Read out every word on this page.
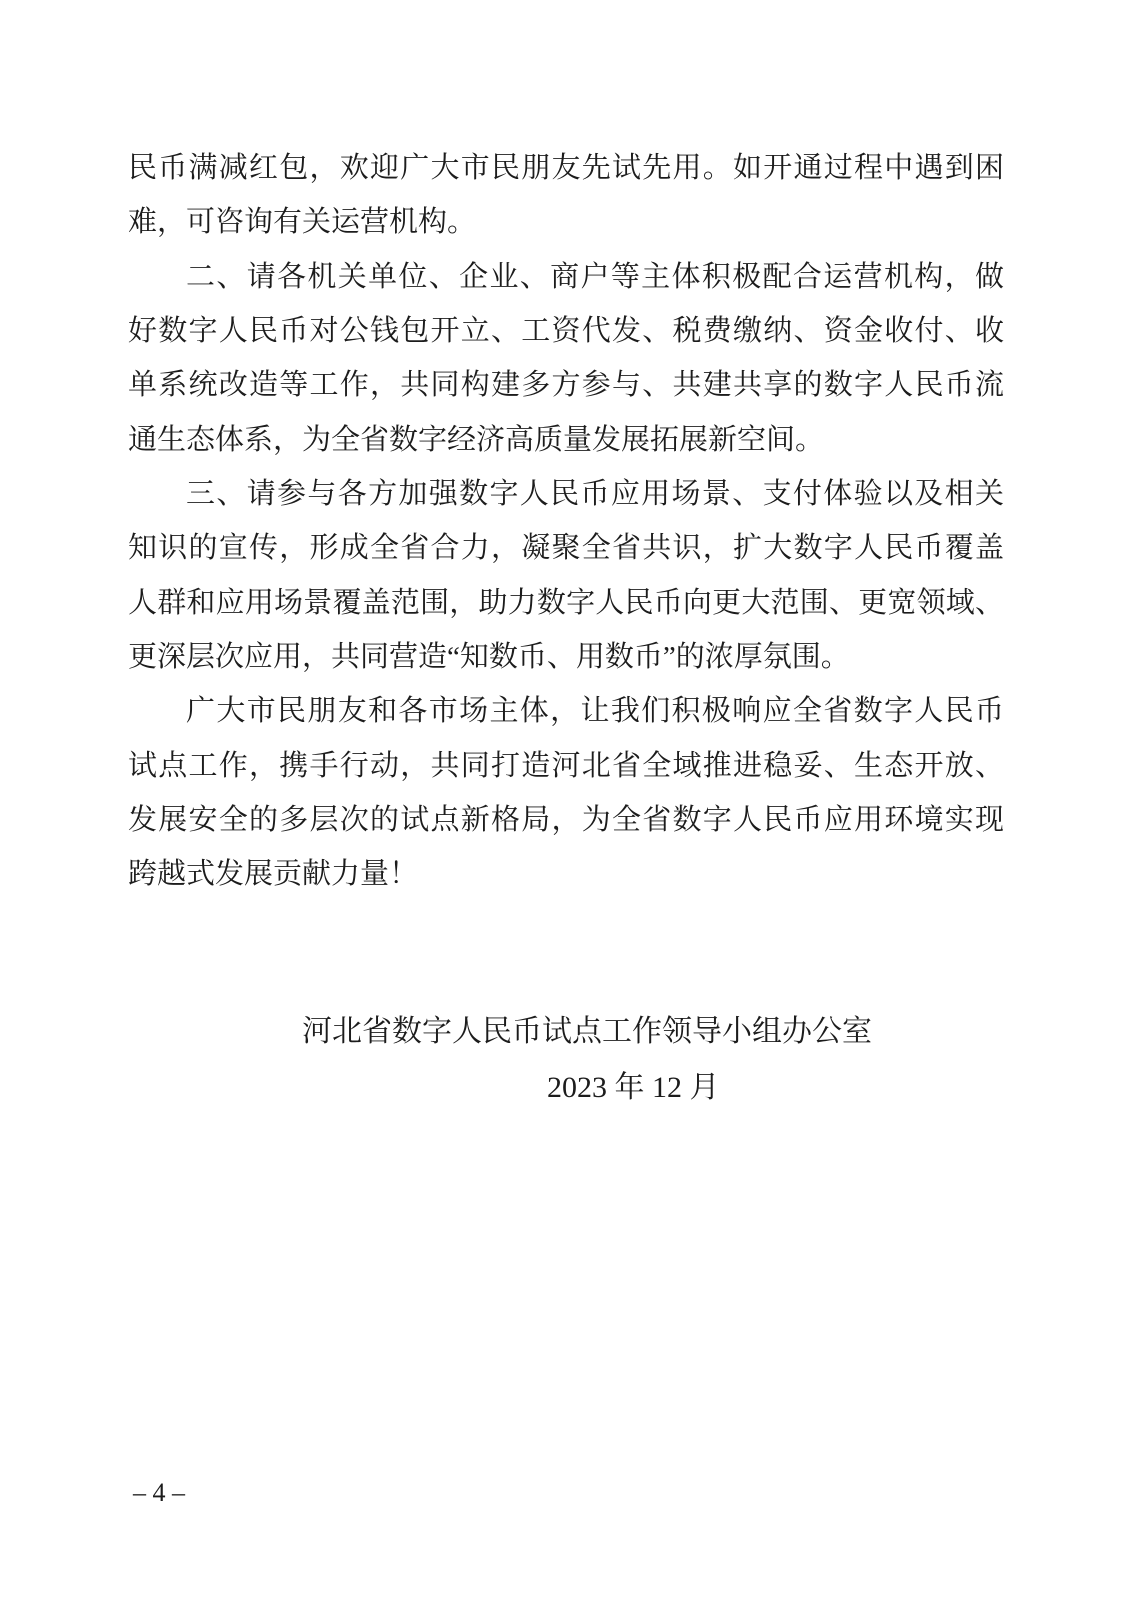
民币满减红包，欢迎广大市民朋友先试先用。如开通过程中遇到困
难，可咨询有关运营机构。
二、请各机关单位、企业、商户等主体积极配合运营机构，做
好数字人民币对公钱包开立、工资代发、税费缴纳、资金收付、收
单系统改造等工作，共同构建多方参与、共建共享的数字人民币流
通生态体系，为全省数字经济高质量发展拓展新空间。
三、请参与各方加强数字人民币应用场景、支付体验以及相关
知识的宣传，形成全省合力，凝聚全省共识，扩大数字人民币覆盖
人群和应用场景覆盖范围，助力数字人民币向更大范围、更宽领域、
更深层次应用，共同营造“知数币、用数币”的浓厚氛围。
广大市民朋友和各市场主体，让我们积极响应全省数字人民币
试点工作，携手行动，共同打造河北省全域推进稳妥、生态开放、
发展安全的多层次的试点新格局，为全省数字人民币应用环境实现
跨越式发展贡献力量！
河北省数字人民币试点工作领导小组办公室
2023 年 12 月
– 4 –
